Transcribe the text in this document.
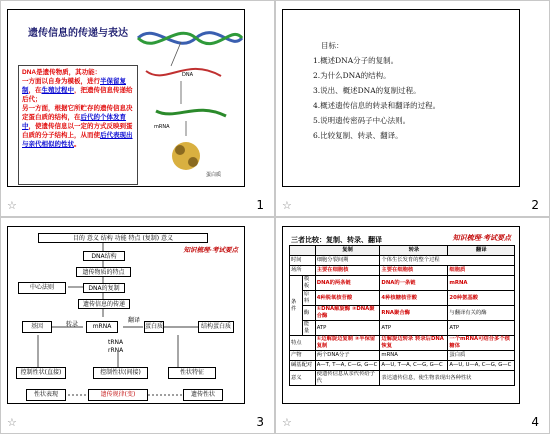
遗传信息的传递与表达
DNA
mRNA
蛋白质
DNA是遗传物质，其功能：
一方面以自身为模板，进行半保留复制，在生殖过程中，把遗传信息传递给后代；
另一方面，根据它所贮存的遗传信息决定蛋白质的结构，在后代的个体发育中，使遗传信息以一定的方式反映到蛋白质的分子结构上，从而使后代表现出与亲代相似的性状。
☆	1
目标：
1.概述DNA分子的复制。
2.为什么DNA的结构。
3.说出、概述DNA的复制过程。
4.概述遗传信息的转录和翻译的过程。
5.说明遗传密码子中心法则。
6.比较复制、转录、翻译。
☆	2
目的 意义 结构 功能 特点 (复制) 意义
知识梳理·考试要点
DNA结构
遗传物质的特点
中心法则	DNA的复制
遗传信息的传递
基因	转录	mRNA
tRNA
rRNA
翻译
蛋白质	结构蛋白质
控制性状(直接)	控制性状(间接)	性状特征
性状表现	遗传规律(变)	遗传性状
☆	3
三者比较：复制、转录、翻译	知识梳理·考试要点
		复制	转录	翻译
时间		细胞分裂间期	个体生长发育的整个过程	
场所		主要在细胞核	主要在细胞核	细胞质
条件	模板	DNA的两条链	DNA的一条链	mRNA
	原料	4种脱氧核苷酸	4种核糖核苷酸	20种氨基酸
	酶	①DNA解旋酶 ②DNA聚合酶	RNA聚合酶	与翻译有关的酶
	能量	ATP	ATP	ATP
特点		①边解旋边复制 ②半保留复制	边解旋边转录 转录后DNA恢复	一个mRNA可结合多个核糖体
产物		两个DNA分子	mRNA	蛋白质
碱基配对		A—T, T—A, C—G, G—C	A—U, T—A, C—G, G—C	A—U, U—A, C—G, G—C
意义		使遗传信息从亲代传给子代	表达遗传信息，使生物表现出各种性状	
☆	4
